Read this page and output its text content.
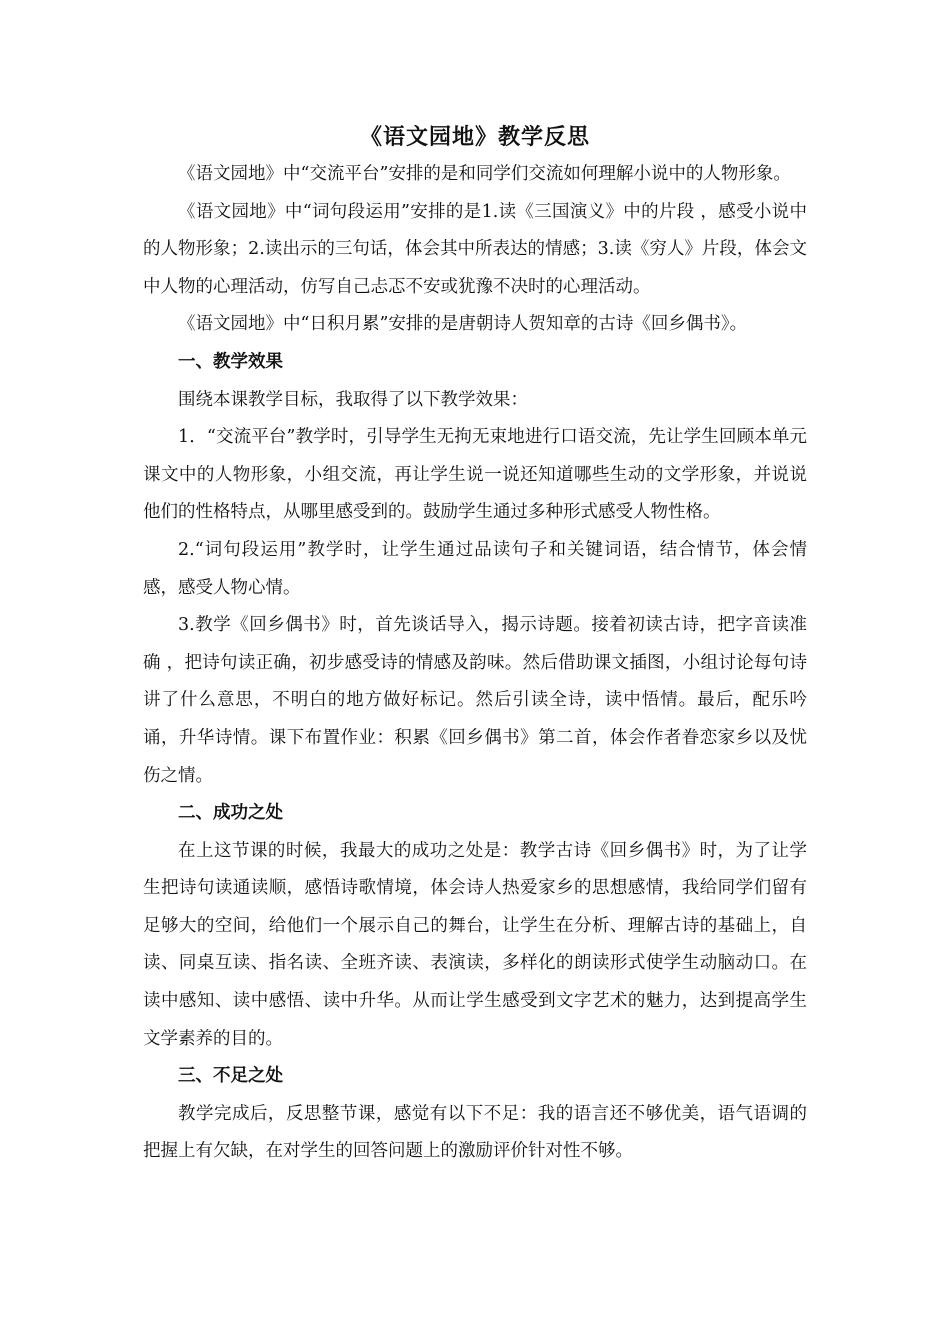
《语文园地》教学反思

《语文园地》中“交流平台”安排的是和同学们交流如何理解小说中的人物形象。

《语文园地》中“词句段运用”安排的是1.读《三国演义》中的片段 ，感受小说中的人物形象；2.读出示的三句话，体会其中所表达的情感；3.读《穷人》片段，体会文中人物的心理活动，仿写自己忐忑不安或犹豫不决时的心理活动。

《语文园地》中“日积月累”安排的是唐朝诗人贺知章的古诗《回乡偶书》。

一、教学效果

围绕本课教学目标，我取得了以下教学效果：

1．“交流平台”教学时，引导学生无拘无束地进行口语交流，先让学生回顾本单元课文中的人物形象，小组交流，再让学生说一说还知道哪些生动的文学形象，并说说他们的性格特点，从哪里感受到的。鼓励学生通过多种形式感受人物性格。

2.“词句段运用”教学时，让学生通过品读句子和关键词语，结合情节，体会情感，感受人物心情。

3.教学《回乡偶书》时，首先谈话导入，揭示诗题。接着初读古诗，把字音读准确 ，把诗句读正确，初步感受诗的情感及韵味。然后借助课文插图，小组讨论每句诗讲了什么意思，不明白的地方做好标记。然后引读全诗，读中悟情。最后，配乐吟诵，升华诗情。课下布置作业：积累《回乡偶书》第二首，体会作者眷恋家乡以及忧伤之情。

二、成功之处

在上这节课的时候，我最大的成功之处是：教学古诗《回乡偶书》时，为了让学生把诗句读通读顺，感悟诗歌情境，体会诗人热爱家乡的思想感情，我给同学们留有足够大的空间，给他们一个展示自己的舞台，让学生在分析、理解古诗的基础上，自读、同桌互读、指名读、全班齐读、表演读，多样化的朗读形式使学生动脑动口。在读中感知、读中感悟、读中升华。从而让学生感受到文字艺术的魅力，达到提高学生文学素养的目的。

三、不足之处

教学完成后，反思整节课，感觉有以下不足：我的语言还不够优美，语气语调的把握上有欠缺，在对学生的回答问题上的激励评价针对性不够。
